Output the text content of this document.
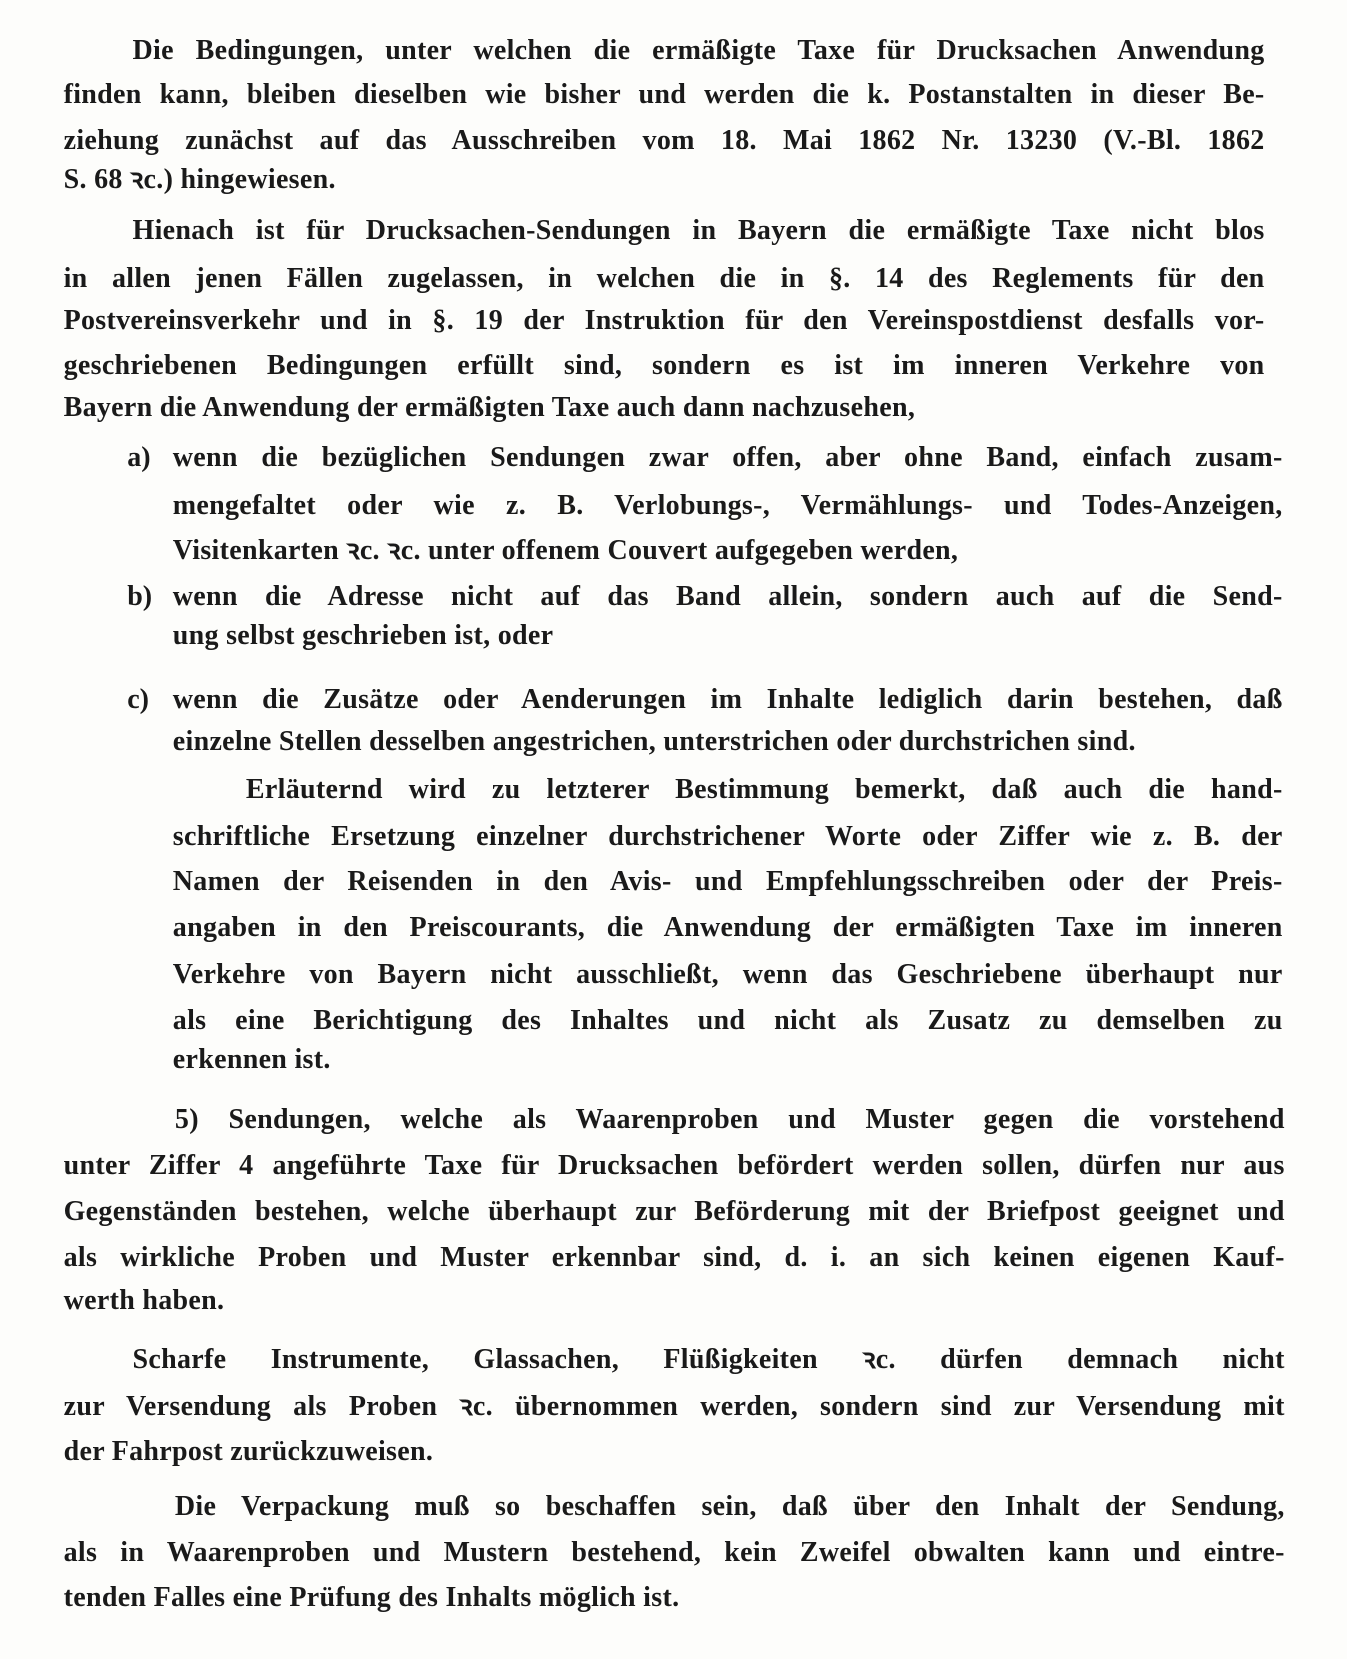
Die Bedingungen, unter welchen die ermäßigte Taxe für Drucksachen Anwendung
finden kann, bleiben dieselben wie bisher und werden die k. Postanstalten in dieser Be-
ziehung zunächst auf das Ausschreiben vom 18. Mai 1862 Nr. 13230 (V.-Bl. 1862
S. 68 ꝛc.) hingewiesen.
Hienach ist für Drucksachen-Sendungen in Bayern die ermäßigte Taxe nicht blos
in allen jenen Fällen zugelassen, in welchen die in §. 14 des Reglements für den
Postvereinsverkehr und in §. 19 der Instruktion für den Vereinspostdienst desfalls vor-
geschriebenen Bedingungen erfüllt sind, sondern es ist im inneren Verkehre von
Bayern die Anwendung der ermäßigten Taxe auch dann nachzusehen,
a) wenn die bezüglichen Sendungen zwar offen, aber ohne Band, einfach zusam-
mengefaltet oder wie z. B. Verlobungs-, Vermählungs- und Todes-Anzeigen,
Visitenkarten ꝛc. ꝛc. unter offenem Couvert aufgegeben werden,
b) wenn die Adresse nicht auf das Band allein, sondern auch auf die Send-
ung selbst geschrieben ist, oder
c) wenn die Zusätze oder Aenderungen im Inhalte lediglich darin bestehen, daß
einzelne Stellen desselben angestrichen, unterstrichen oder durchstrichen sind.
Erläuternd wird zu letzterer Bestimmung bemerkt, daß auch die hand-
schriftliche Ersetzung einzelner durchstrichener Worte oder Ziffer wie z. B. der
Namen der Reisenden in den Avis- und Empfehlungsschreiben oder der Preis-
angaben in den Preiscourants, die Anwendung der ermäßigten Taxe im inneren
Verkehre von Bayern nicht ausschließt, wenn das Geschriebene überhaupt nur
als eine Berichtigung des Inhaltes und nicht als Zusatz zu demselben zu
erkennen ist.
5) Sendungen, welche als Waarenproben und Muster gegen die vorstehend
unter Ziffer 4 angeführte Taxe für Drucksachen befördert werden sollen, dürfen nur aus
Gegenständen bestehen, welche überhaupt zur Beförderung mit der Briefpost geeignet und
als wirkliche Proben und Muster erkennbar sind, d. i. an sich keinen eigenen Kauf-
werth haben.
Scharfe Instrumente, Glassachen, Flüßigkeiten ꝛc. dürfen demnach nicht
zur Versendung als Proben ꝛc. übernommen werden, sondern sind zur Versendung mit
der Fahrpost zurückzuweisen.
Die Verpackung muß so beschaffen sein, daß über den Inhalt der Sendung,
als in Waarenproben und Mustern bestehend, kein Zweifel obwalten kann und eintre-
tenden Falles eine Prüfung des Inhalts möglich ist.
